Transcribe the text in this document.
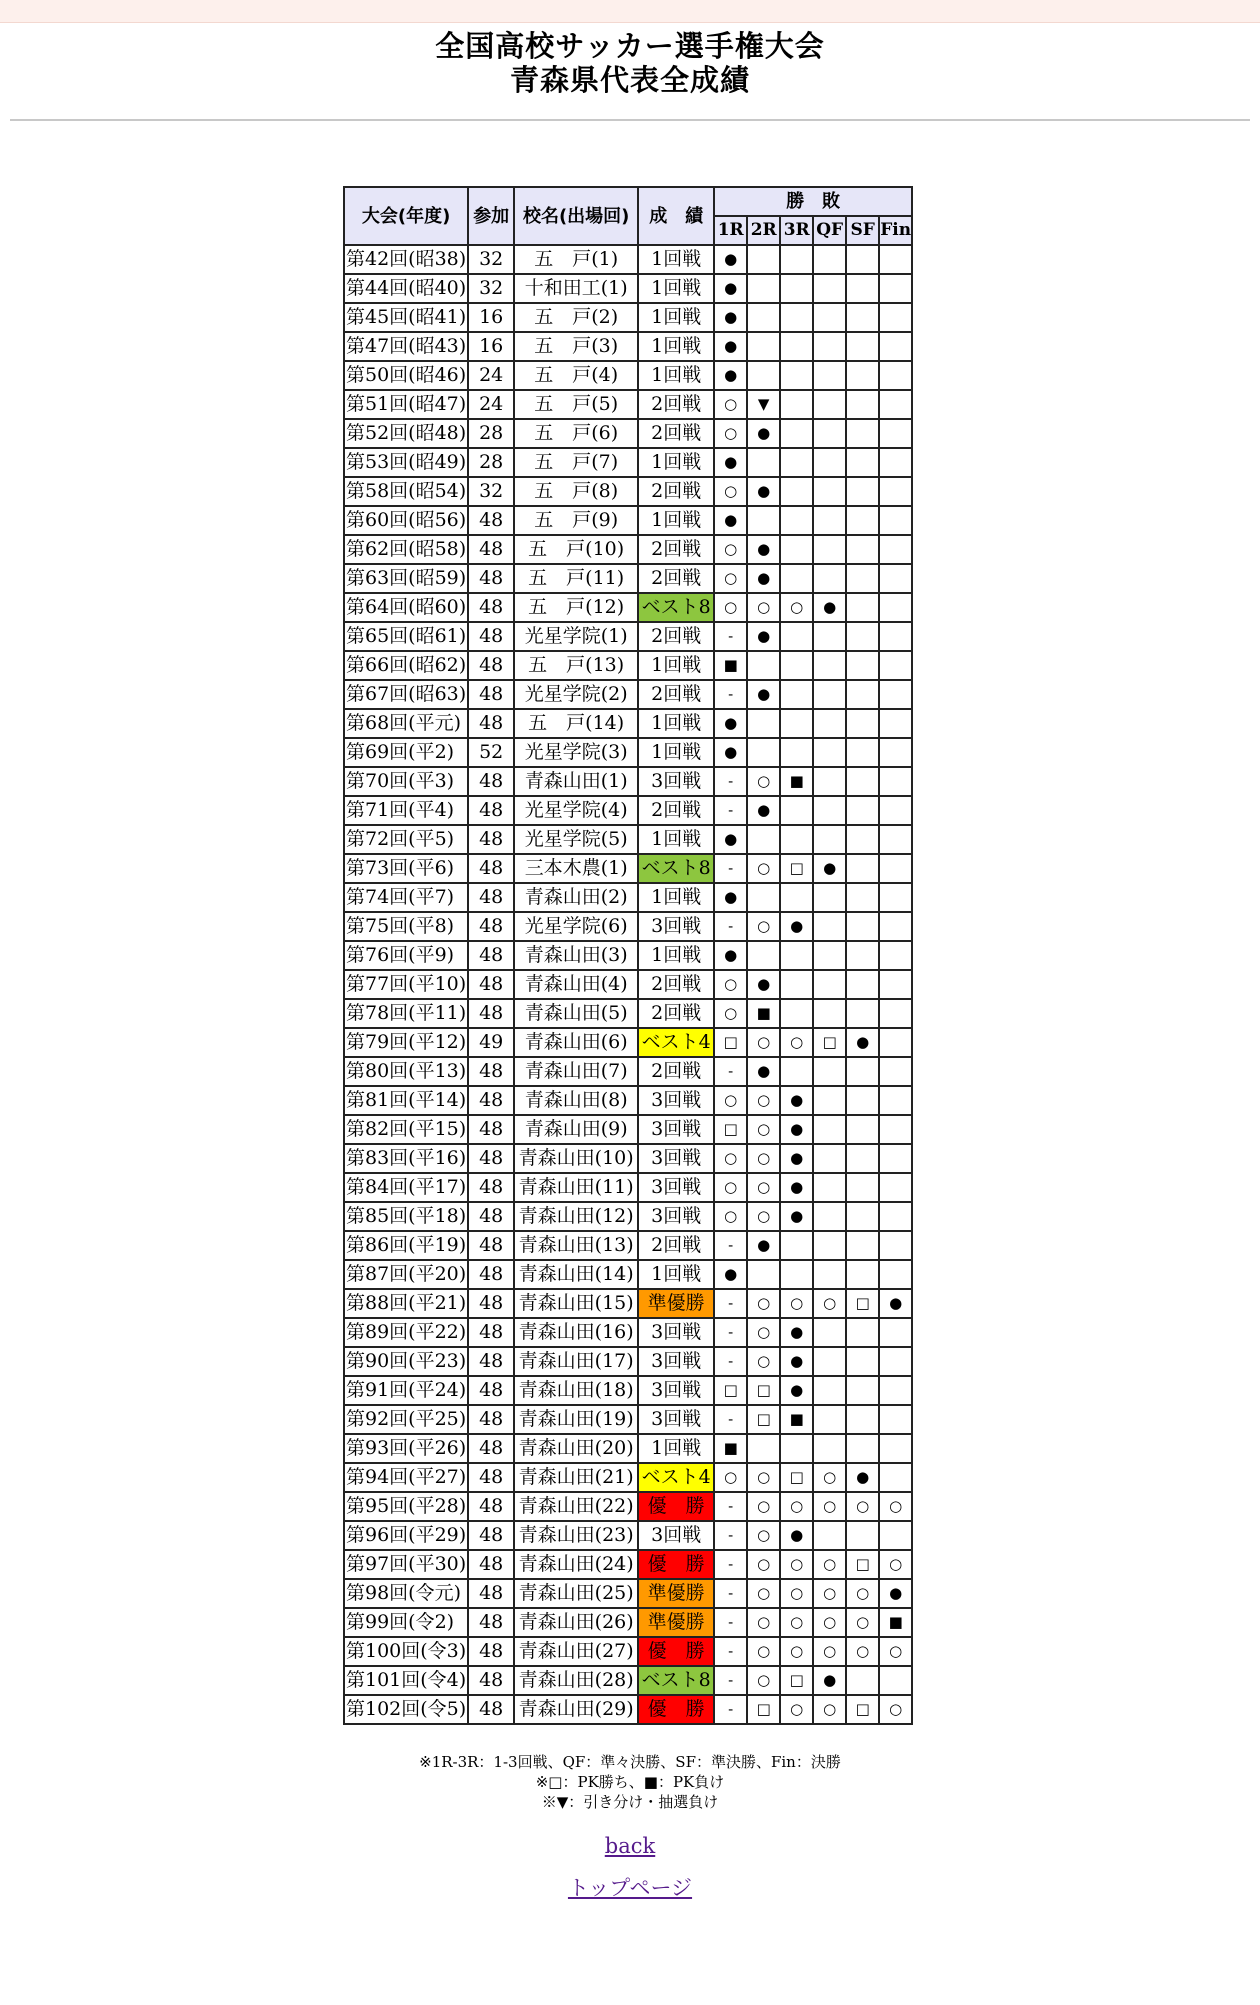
全国高校サッカー選手権大会
青森県代表全成績
大会(年度)	参加	校名(出場回)	成　績	勝　敗					
				1R	2R	3R	QF	SF	Fin
第42回(昭38)	32	五　戸(1)	1回戦	●					
第44回(昭40)	32	十和田工(1)	1回戦	●					
第45回(昭41)	16	五　戸(2)	1回戦	●					
第47回(昭43)	16	五　戸(3)	1回戦	●					
第50回(昭46)	24	五　戸(4)	1回戦	●					
第51回(昭47)	24	五　戸(5)	2回戦	○	▼				
第52回(昭48)	28	五　戸(6)	2回戦	○	●				
第53回(昭49)	28	五　戸(7)	1回戦	●					
第58回(昭54)	32	五　戸(8)	2回戦	○	●				
第60回(昭56)	48	五　戸(9)	1回戦	●					
第62回(昭58)	48	五　戸(10)	2回戦	○	●				
第63回(昭59)	48	五　戸(11)	2回戦	○	●				
第64回(昭60)	48	五　戸(12)	ベスト8	○	○	○	●		
第65回(昭61)	48	光星学院(1)	2回戦	-	●				
第66回(昭62)	48	五　戸(13)	1回戦	■					
第67回(昭63)	48	光星学院(2)	2回戦	-	●				
第68回(平元)	48	五　戸(14)	1回戦	●					
第69回(平2)	52	光星学院(3)	1回戦	●					
第70回(平3)	48	青森山田(1)	3回戦	-	○	■			
第71回(平4)	48	光星学院(4)	2回戦	-	●				
第72回(平5)	48	光星学院(5)	1回戦	●					
第73回(平6)	48	三本木農(1)	ベスト8	-	○	□	●		
第74回(平7)	48	青森山田(2)	1回戦	●					
第75回(平8)	48	光星学院(6)	3回戦	-	○	●			
第76回(平9)	48	青森山田(3)	1回戦	●					
第77回(平10)	48	青森山田(4)	2回戦	○	●				
第78回(平11)	48	青森山田(5)	2回戦	○	■				
第79回(平12)	49	青森山田(6)	ベスト4	□	○	○	□	●	
第80回(平13)	48	青森山田(7)	2回戦	-	●				
第81回(平14)	48	青森山田(8)	3回戦	○	○	●			
第82回(平15)	48	青森山田(9)	3回戦	□	○	●			
第83回(平16)	48	青森山田(10)	3回戦	○	○	●			
第84回(平17)	48	青森山田(11)	3回戦	○	○	●			
第85回(平18)	48	青森山田(12)	3回戦	○	○	●			
第86回(平19)	48	青森山田(13)	2回戦	-	●				
第87回(平20)	48	青森山田(14)	1回戦	●					
第88回(平21)	48	青森山田(15)	準優勝	-	○	○	○	□	●
第89回(平22)	48	青森山田(16)	3回戦	-	○	●			
第90回(平23)	48	青森山田(17)	3回戦	-	○	●			
第91回(平24)	48	青森山田(18)	3回戦	□	□	●			
第92回(平25)	48	青森山田(19)	3回戦	-	□	■			
第93回(平26)	48	青森山田(20)	1回戦	■					
第94回(平27)	48	青森山田(21)	ベスト4	○	○	□	○	●	
第95回(平28)	48	青森山田(22)	優　勝	-	○	○	○	○	○
第96回(平29)	48	青森山田(23)	3回戦	-	○	●			
第97回(平30)	48	青森山田(24)	優　勝	-	○	○	○	□	○
第98回(令元)	48	青森山田(25)	準優勝	-	○	○	○	○	●
第99回(令2)	48	青森山田(26)	準優勝	-	○	○	○	○	■
第100回(令3)	48	青森山田(27)	優　勝	-	○	○	○	○	○
第101回(令4)	48	青森山田(28)	ベスト8	-	○	□	●		
第102回(令5)	48	青森山田(29)	優　勝	-	□	○	○	□	○
※1R-3R：1-3回戦、QF：準々決勝、SF：準決勝、Fin：決勝
※□：PK勝ち、■：PK負け
※▼：引き分け・抽選負け
back
トップページ
